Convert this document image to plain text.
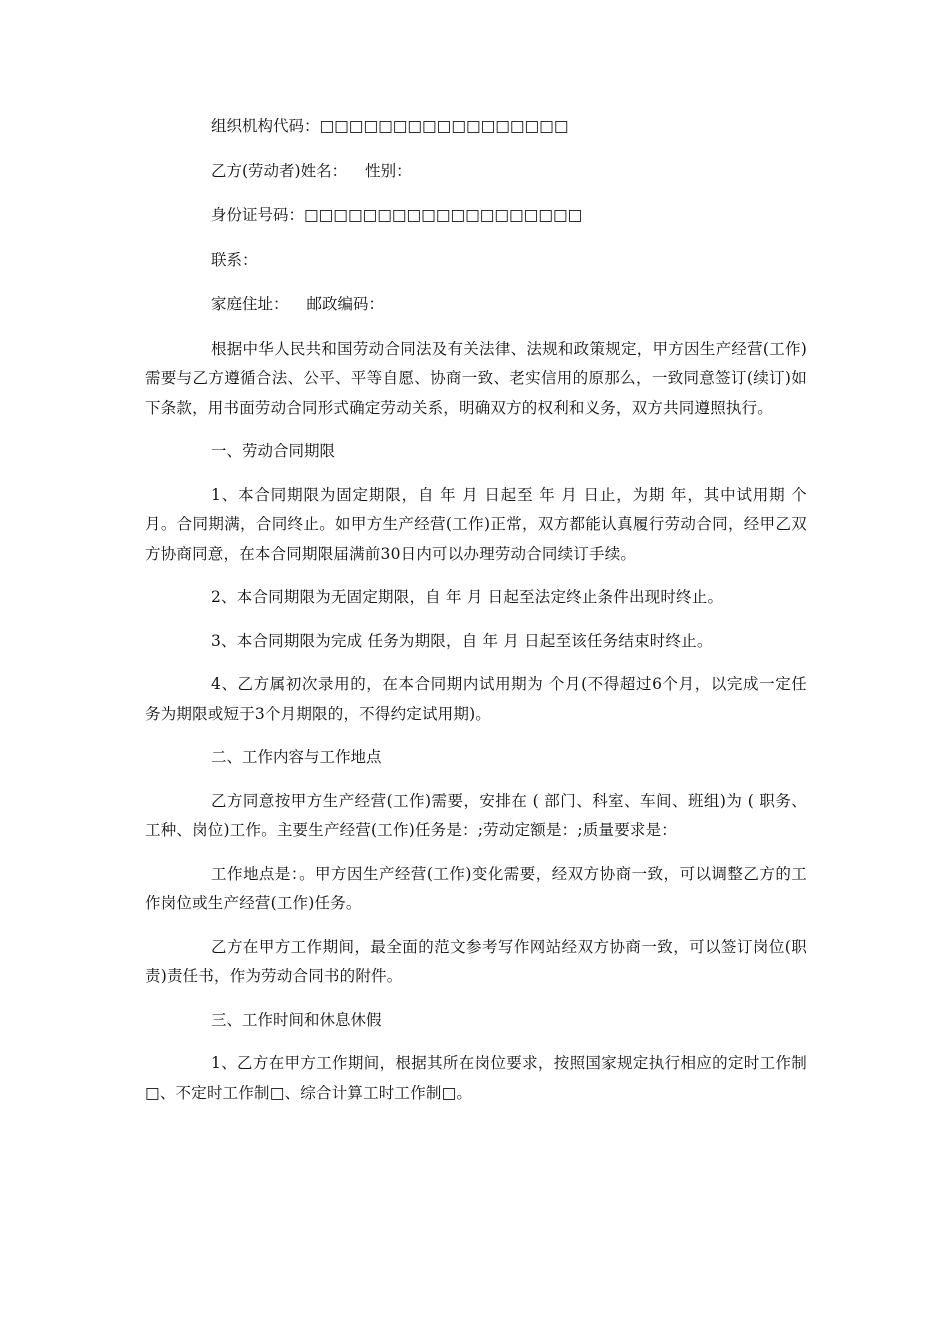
组织机构代码：□□□□□□□□□□□□□□□□□

乙方(劳动者)姓名： 性别：

身份证号码：□□□□□□□□□□□□□□□□□□□

联系：

家庭住址： 邮政编码：

根据中华人民共和国劳动合同法及有关法律、法规和政策规定，甲方因生产经营(工作)需要与乙方遵循合法、公平、平等自愿、协商一致、老实信用的原那么，一致同意签订(续订)如下条款，用书面劳动合同形式确定劳动关系，明确双方的权利和义务，双方共同遵照执行。

一、劳动合同期限

1、本合同期限为固定期限，自 年 月 日起至 年 月 日止，为期 年，其中试用期 个月。合同期满，合同终止。如甲方生产经营(工作)正常，双方都能认真履行劳动合同，经甲乙双方协商同意，在本合同期限届满前30日内可以办理劳动合同续订手续。

2、本合同期限为无固定期限，自 年 月 日起至法定终止条件出现时终止。

3、本合同期限为完成 任务为期限，自 年 月 日起至该任务结束时终止。

4、乙方属初次录用的，在本合同期内试用期为 个月(不得超过6个月，以完成一定任务为期限或短于3个月期限的，不得约定试用期)。

二、工作内容与工作地点

乙方同意按甲方生产经营(工作)需要，安排在 ( 部门、科室、车间、班组)为 ( 职务、工种、岗位)工作。主要生产经营(工作)任务是：;劳动定额是：;质量要求是：

工作地点是：。甲方因生产经营(工作)变化需要，经双方协商一致，可以调整乙方的工作岗位或生产经营(工作)任务。

乙方在甲方工作期间，最全面的范文参考写作网站经双方协商一致，可以签订岗位(职责)责任书，作为劳动合同书的附件。

三、工作时间和休息休假

1、乙方在甲方工作期间，根据其所在岗位要求，按照国家规定执行相应的定时工作制□、不定时工作制□、综合计算工时工作制□。
